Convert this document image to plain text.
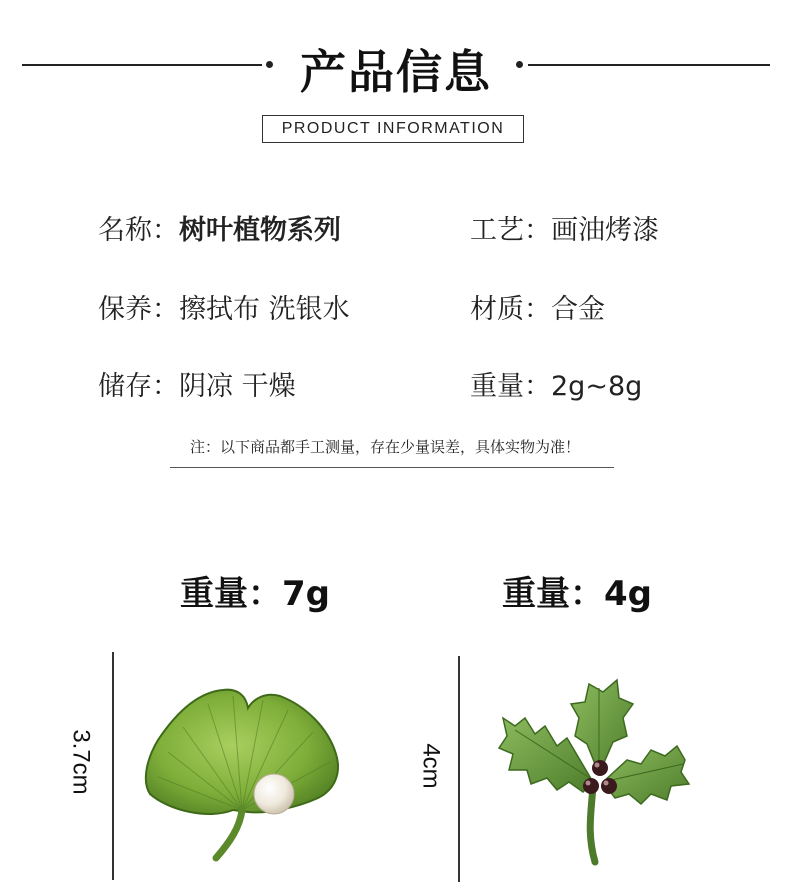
产品信息
PRODUCT INFORMATION
名称：树叶植物系列	工艺：画油烤漆
保养：擦拭布 洗银水	材质：合金
储存：阴凉 干燥	重量：2g~8g
注：以下商品都手工测量，存在少量误差，具体实物为准！
重量：7g
3.7cm
重量：4g
4cm
